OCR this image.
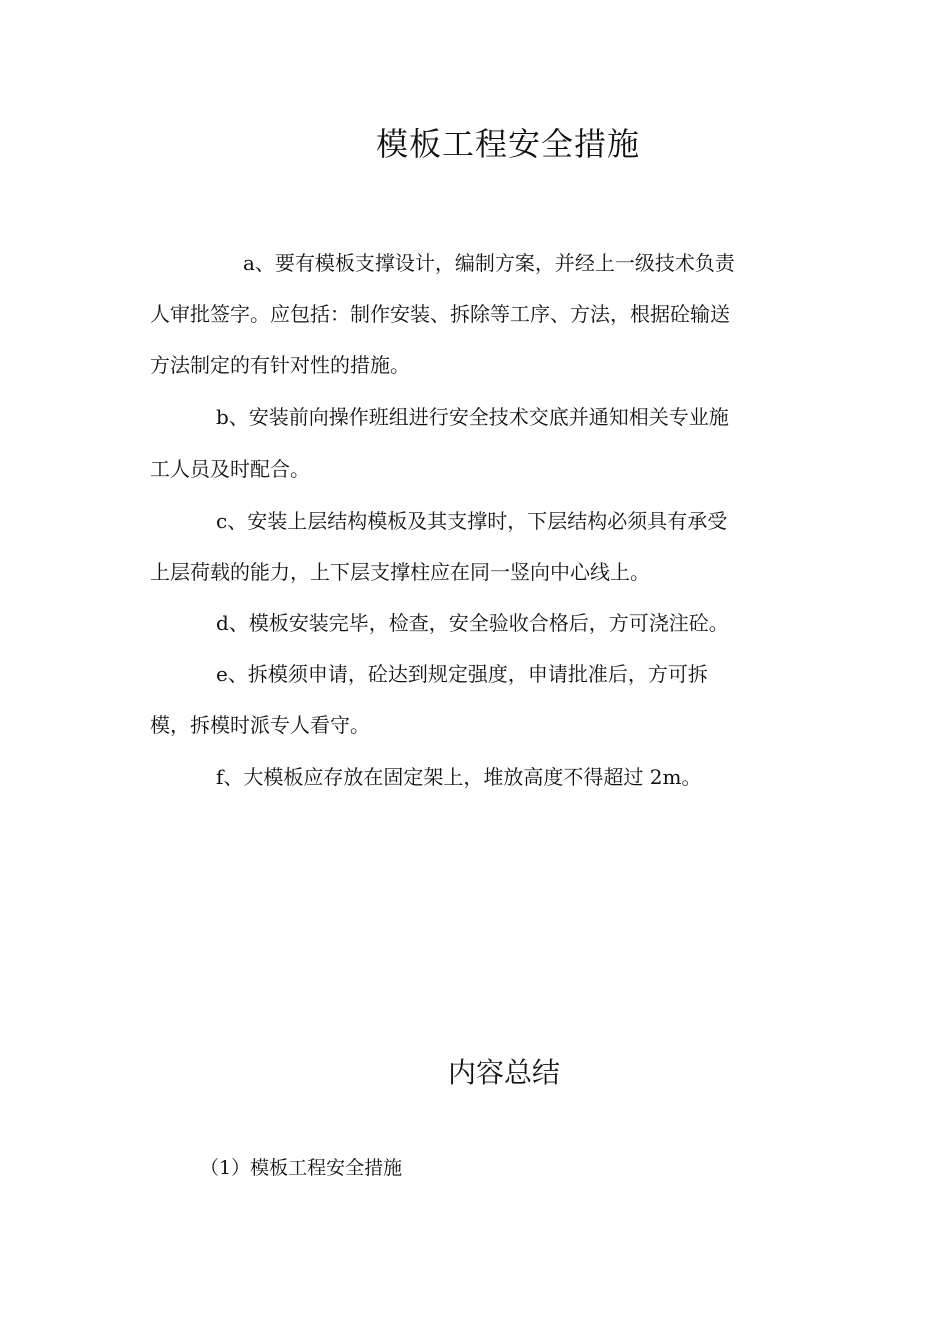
模板工程安全措施

a、要有模板支撑设计，编制方案，并经上一级技术负责

人审批签字。应包括：制作安装、拆除等工序、方法，根据砼输送

方法制定的有针对性的措施。

b、安装前向操作班组进行安全技术交底并通知相关专业施

工人员及时配合。

c、安装上层结构模板及其支撑时，下层结构必须具有承受

上层荷载的能力，上下层支撑柱应在同一竖向中心线上。

d、模板安装完毕，检查，安全验收合格后，方可浇注砼。

e、拆模须申请，砼达到规定强度，申请批准后，方可拆

模，拆模时派专人看守。

f、大模板应存放在固定架上，堆放高度不得超过 2m。

内容总结

（1）模板工程安全措施
